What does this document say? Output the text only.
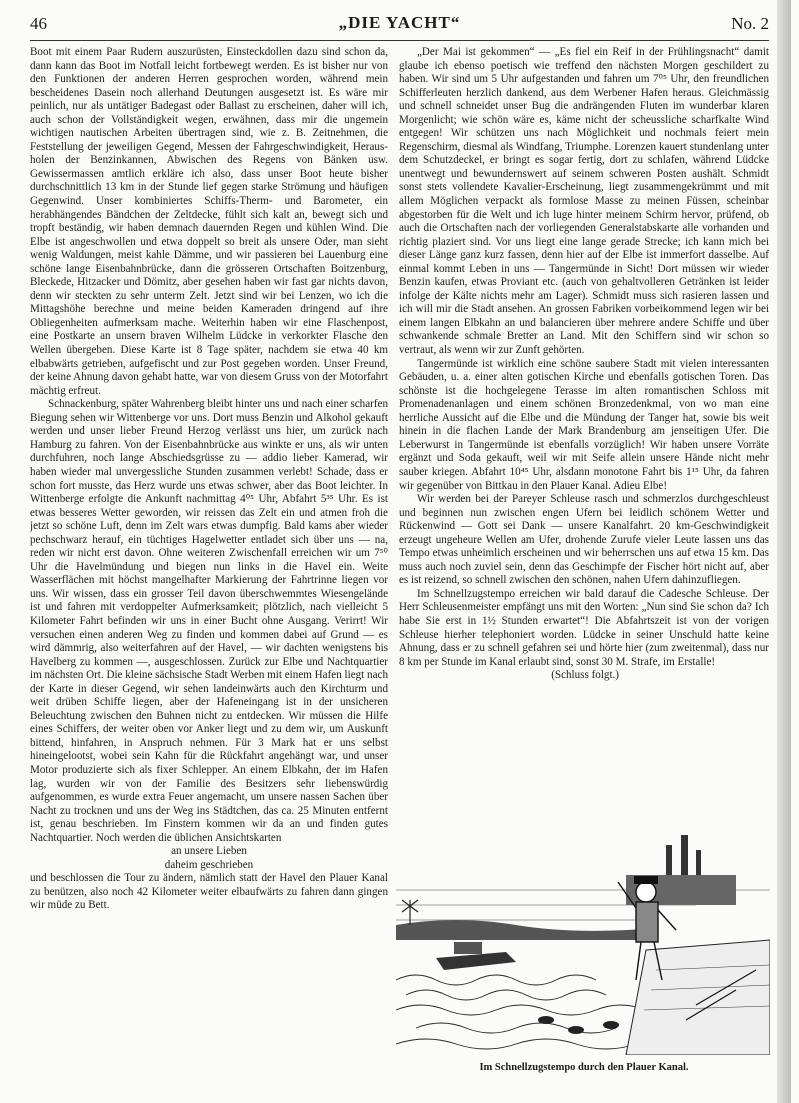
46	„DIE YACHT“	No. 2

Boot mit einem Paar Rudern auszurüsten, Einsteckdollen dazu sind schon da, dann kann das Boot im Notfall leicht fortbewegt werden. Es ist bisher nur von den Funktionen der anderen Herren gesprochen worden, während mein bescheidenes Dasein noch allerhand Deutungen ausgesetzt ist. Es wäre mir peinlich, nur als untätiger Badegast oder Ballast zu erscheinen, daher will ich, auch schon der Vollständigkeit wegen, erwähnen, dass mir die ungemein wichtigen nautischen Arbeiten übertragen sind, wie z. B. Zeitnehmen, die Feststellung der jeweiligen Gegend, Messen der Fahrgeschwindigkeit, Herausholen der Benzinkannen, Abwischen des Regens von Bänken usw. Gewissermassen amtlich erkläre ich also, dass unser Boot heute bisher durchschnittlich 13 km in der Stunde lief gegen starke Strömung und häufigen Gegenwind. Unser kombiniertes Schiffs-Therm- und Barometer, ein herabhängendes Bändchen der Zeltdecke, fühlt sich kalt an, bewegt sich und tropft beständig, wir haben demnach dauernden Regen und kühlen Wind. Die Elbe ist angeschwollen und etwa doppelt so breit als unsere Oder, man sieht wenig Waldungen, meist kahle Dämme, und wir passieren bei Lauenburg eine schöne lange Eisenbahnbrücke, dann die grösseren Ortschaften Boitzenburg, Bleckede, Hitzacker und Dömitz, aber gesehen haben wir fast gar nichts davon, denn wir steckten zu sehr unterm Zelt. Jetzt sind wir bei Lenzen, wo ich die Mittagshöhe berechne und meine beiden Kameraden dringend auf ihre Obliegenheiten aufmerksam mache. Weiterhin haben wir eine Flaschenpost, eine Postkarte an unsern braven Wilhelm Lüdcke in verkorkter Flasche den Wellen übergeben. Diese Karte ist 8 Tage später, nachdem sie etwa 40 km elbabwärts getrieben, aufgefischt und zur Post gegeben worden. Unser Freund, der keine Ahnung davon gehabt hatte, war von diesem Gruss von der Motorfahrt mächtig erfreut.

Schnackenburg, später Wahrenberg bleibt hinter uns und nach einer scharfen Biegung sehen wir Wittenberge vor uns. Dort muss Benzin und Alkohol gekauft werden und unser lieber Freund Herzog verlässt uns hier, um zurück nach Hamburg zu fahren. Von der Eisenbahnbrücke aus winkte er uns, als wir unten durchfuhren, noch lange Abschiedsgrüsse zu — addio lieber Kamerad, wir haben wieder mal unvergessliche Stunden zusammen verlebt! Schade, dass er schon fort musste, das Herz wurde uns etwas schwer, aber das Boot leichter. In Wittenberge erfolgte die Ankunft nachmittag 4⁰⁵ Uhr, Abfahrt 5³⁵ Uhr. Es ist etwas besseres Wetter geworden, wir reissen das Zelt ein und atmen froh die jetzt so schöne Luft, denn im Zelt wars etwas dumpfig. Bald kams aber wieder pechschwarz herauf, ein tüchtiges Hagelwetter entladet sich über uns — na, reden wir nicht erst davon. Ohne weiteren Zwischenfall erreichen wir um 7⁵⁰ Uhr die Havelmündung und biegen nun links in die Havel ein. Weite Wasserflächen mit höchst mangelhafter Markierung der Fahrtrinne liegen vor uns. Wir wissen, dass ein grosser Teil davon überschwemmtes Wiesengelände ist und fahren mit verdoppelter Aufmerksamkeit; plötzlich, nach vielleicht 5 Kilometer Fahrt befinden wir uns in einer Bucht ohne Ausgang. Verirrt! Wir versuchen einen anderen Weg zu finden und kommen dabei auf Grund — es wird dämmrig, also weiterfahren auf der Havel, — wir dachten wenigstens bis Havelberg zu kommen —, ausgeschlossen. Zurück zur Elbe und Nachtquartier im nächsten Ort. Die kleine sächsische Stadt Werben mit einem Hafen liegt nach der Karte in dieser Gegend, wir sehen landeinwärts auch den Kirchturm und weit drüben Schiffe liegen, aber der Hafeneingang ist in der unsicheren Beleuchtung zwischen den Buhnen nicht zu entdecken. Wir müssen die Hilfe eines Schiffers, der weiter oben vor Anker liegt und zu dem wir, um Auskunft bittend, hinfahren, in Anspruch nehmen. Für 3 Mark hat er uns selbst hineingelootst, wobei sein Kahn für die Rückfahrt angehängt war, und unser Motor produzierte sich als fixer Schlepper. An einem Elbkahn, der im Hafen lag, wurden wir von der Familie des Besitzers sehr liebenswürdig aufgenommen, es wurde extra Feuer angemacht, um unsere nassen Sachen über Nacht zu trocknen und uns der Weg ins Städtchen, das ca. 25 Minuten entfernt ist, genau beschrieben. Im Finstern kommen wir da an und finden gutes Nachtquartier. Noch werden die üblichen Ansichtskarten

an unsere Lieben

daheim geschrieben

und beschlossen die Tour zu ändern, nämlich statt der Havel den Plauer Kanal zu benützen, also noch 42 Kilometer weiter elbaufwärts zu fahren dann gingen wir müde zu Bett.

„Der Mai ist gekommen“ — „Es fiel ein Reif in der Frühlingsnacht“ damit glaube ich ebenso poetisch wie treffend den nächsten Morgen geschildert zu haben. Wir sind um 5 Uhr aufgestanden und fahren um 7⁰⁵ Uhr, den freundlichen Schifferleuten herzlich dankend, aus dem Werbener Hafen heraus. Gleichmässig und schnell schneidet unser Bug die andrängenden Fluten im wunderbar klaren Morgenlicht; wie schön wäre es, käme nicht der scheussliche scharfkalte Wind entgegen! Wir schützen uns nach Möglichkeit und nochmals feiert mein Regenschirm, diesmal als Windfang, Triumphe. Lorenzen kauert stundenlang unter dem Schutzdeckel, er bringt es sogar fertig, dort zu schlafen, während Lüdcke unentwegt und bewundernswert auf seinem schweren Posten aushält. Schmidt sonst stets vollendete Kavalier-Erscheinung, liegt zusammengekrümmt und mit allem Möglichen verpackt als formlose Masse zu meinen Füssen, scheinbar abgestorben für die Welt und ich luge hinter meinem Schirm hervor, prüfend, ob auch die Ortschaften nach der vorliegenden Generalstabskarte alle vorhanden und richtig plaziert sind. Vor uns liegt eine lange gerade Strecke; ich kann mich bei dieser Länge ganz kurz fassen, denn hier auf der Elbe ist immerfort dasselbe. Auf einmal kommt Leben in uns — Tangermünde in Sicht! Dort müssen wir wieder Benzin kaufen, etwas Proviant etc. (auch von gehaltvolleren Getränken ist leider infolge der Kälte nichts mehr am Lager). Schmidt muss sich rasieren lassen und ich will mir die Stadt ansehen. An grossen Fabriken vorbeikommend legen wir bei einem langen Elbkahn an und balancieren über mehrere andere Schiffe und über schwankende schmale Bretter an Land. Mit den Schiffern sind wir schon so vertraut, als wenn wir zur Zunft gehörten.

Tangermünde ist wirklich eine schöne saubere Stadt mit vielen interessanten Gebäuden, u. a. einer alten gotischen Kirche und ebenfalls gotischen Toren. Das schönste ist die hochgelegene Terasse im alten romantischen Schloss mit Promenadenanlagen und einem schönen Bronzedenkmal, von wo man eine herrliche Aussicht auf die Elbe und die Mündung der Tanger hat, sowie bis weit hinein in die flachen Lande der Mark Brandenburg am jenseitigen Ufer. Die Leberwurst in Tangermünde ist ebenfalls vorzüglich! Wir haben unsere Vorräte ergänzt und Soda gekauft, weil wir mit Seife allein unsere Hände nicht mehr sauber kriegen. Abfahrt 10⁴⁵ Uhr, alsdann monotone Fahrt bis 1¹⁵ Uhr, da fahren wir gegenüber von Bittkau in den Plauer Kanal. Adieu Elbe!

Wir werden bei der Pareyer Schleuse rasch und schmerzlos durchgeschleust und beginnen nun zwischen engen Ufern bei leidlich schönem Wetter und Rückenwind — Gott sei Dank — unsere Kanalfahrt. 20 km-Geschwindigkeit erzeugt ungeheure Wellen am Ufer, drohende Zurufe vieler Leute lassen uns das Tempo etwas unheimlich erscheinen und wir beherrschen uns auf etwa 15 km. Das muss auch noch zuviel sein, denn das Geschimpfe der Fischer hört nicht auf, aber es ist reizend, so schnell zwischen den schönen, nahen Ufern dahinzufliegen.

Im Schnellzugstempo erreichen wir bald darauf die Cadesche Schleuse. Der Herr Schleusenmeister empfängt uns mit den Worten: „Nun sind Sie schon da? Ich habe Sie erst in 1½ Stunden erwartet“! Die Abfahrtszeit ist von der vorigen Schleuse hierher telephoniert worden. Lüdcke in seiner Unschuld hatte keine Ahnung, dass er zu schnell gefahren sei und hörte hier (zum zweitenmal), dass nur 8 km per Stunde im Kanal erlaubt sind, sonst 30 M. Strafe, im Erstalle!

(Schluss folgt.)

Im Schnellzugstempo durch den Plauer Kanal.
